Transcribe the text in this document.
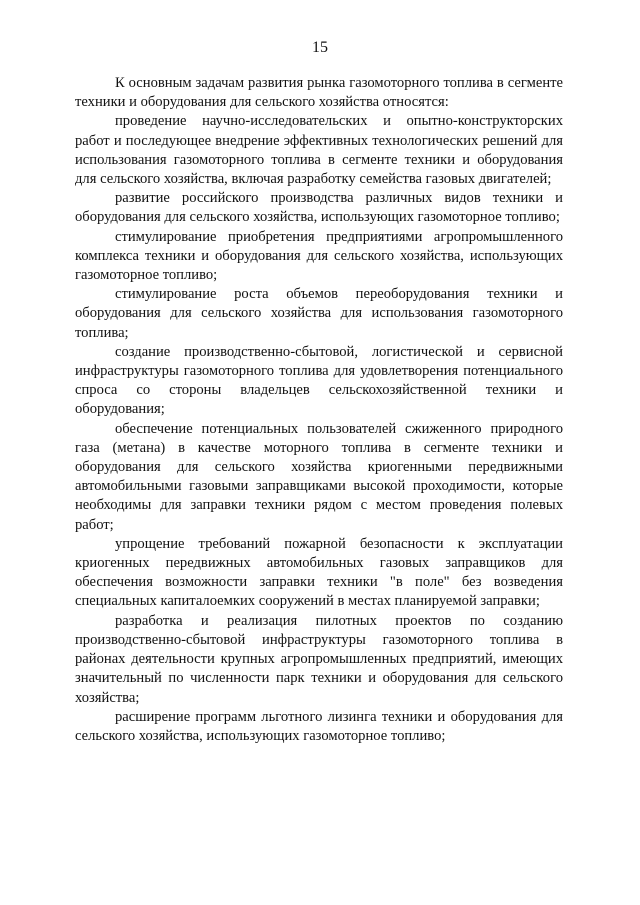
15

К основным задачам развития рынка газомоторного топлива в сегменте техники и оборудования для сельского хозяйства относятся:

проведение научно-исследовательских и опытно-конструкторских работ и последующее внедрение эффективных технологических решений для использования газомоторного топлива в сегменте техники и оборудования для сельского хозяйства, включая разработку семейства газовых двигателей;

развитие российского производства различных видов техники и оборудования для сельского хозяйства, использующих газомоторное топливо;

стимулирование приобретения предприятиями агропромышленного комплекса техники и оборудования для сельского хозяйства, использующих газомоторное топливо;

стимулирование роста объемов переоборудования техники и оборудования для сельского хозяйства для использования газомоторного топлива;

создание производственно-сбытовой, логистической и сервисной инфраструктуры газомоторного топлива для удовлетворения потенциального спроса со стороны владельцев сельскохозяйственной техники и оборудования;

обеспечение потенциальных пользователей сжиженного природного газа (метана) в качестве моторного топлива в сегменте техники и оборудования для сельского хозяйства криогенными передвижными автомобильными газовыми заправщиками высокой проходимости, которые необходимы для заправки техники рядом с местом проведения полевых работ;

упрощение требований пожарной безопасности к эксплуатации криогенных передвижных автомобильных газовых заправщиков для обеспечения возможности заправки техники "в поле" без возведения специальных капиталоемких сооружений в местах планируемой заправки;

разработка и реализация пилотных проектов по созданию производственно-сбытовой инфраструктуры газомоторного топлива в районах деятельности крупных агропромышленных предприятий, имеющих значительный по численности парк техники и оборудования для сельского хозяйства;

расширение программ льготного лизинга техники и оборудования для сельского хозяйства, использующих газомоторное топливо;
